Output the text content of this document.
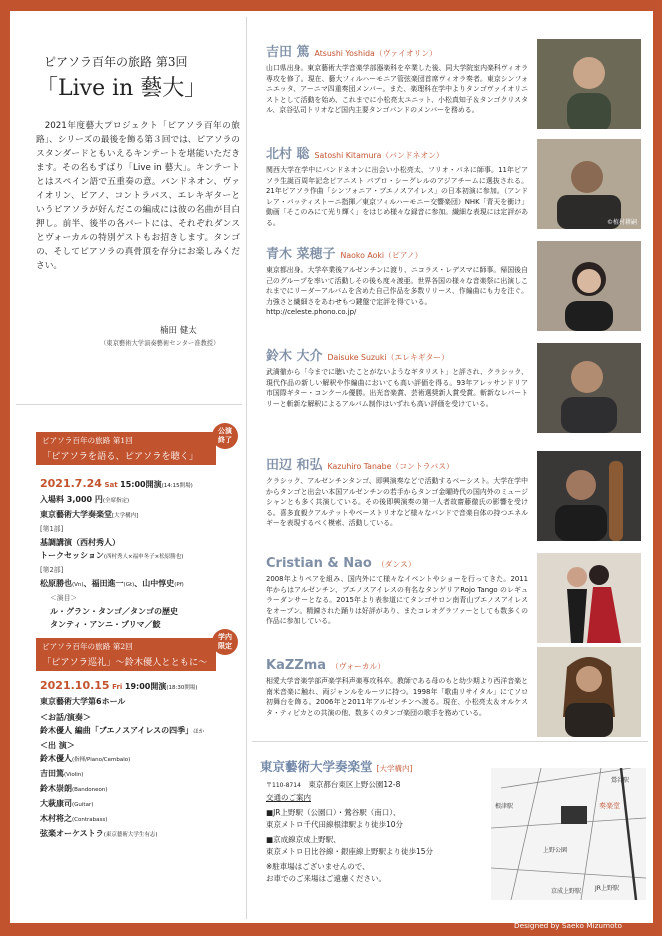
ピアソラ百年の旅路 第3回
「Live in 藝大」
2021年度藝大プロジェクト「ピアソラ百年の旅路」、シリーズの最後を飾る第３回では、ピアソラのスタンダードともいえるキンテートを堪能いただきます。その名もずばり「Live in 藝大」。キンテートとはスペイン語で五重奏の意。バンドネオン、ヴァイオリン、ピアノ、コントラバス、エレキギターというピアソラが好んだこの編成には彼の名曲が目白押し。前半、後半の各パートには、それぞれダンスとヴォーカルの特別ゲストもお招きします。タンゴの、そしてピアソラの真骨頂を存分にお楽しみください。
楠田 健太
（東京藝術大学演奏藝術センター准教授）
ピアソラ百年の旅路 第1回
「ピアソラを語る、ピアソラを聴く」
公演終了
2021.7.24 Sat 15:00開演(14:15開場)
入場料 3,000 円(全席指定)
東京藝術大学奏楽堂[大学構内]
[第1部]
基調講演（西村秀人）
トークセッション(西村秀人×福申冬子×松原勝也)
[第2部]
松原勝也(Vn)、福田進一(Gt)、山中惇史(Pf)
＜演目＞
ル・グラン・タンゴ／タンゴの歴史
タンティ・アンニ・プリマ／鮫
ピアソラ百年の旅路 第2回
「ピアソラ巡礼」～鈴木優人とともに～
学内限定
2021.10.15 Fri 19:00開演(18:30開場)
東京藝術大学第6ホール
＜お話/演奏＞
鈴木優人 編曲「ブエノスアイレスの四季」ほか
＜出 演＞
鈴木優人(指揮/Piano/Cembalo)
吉田篤(Violin)
鈴木崇朗(Bandoneon)
大萩康司(Guitar)
木村将之(Contrabass)
弦楽オーケストラ(東京藝術大学生有志)
吉田 篤 Atsushi Yoshida（ヴァイオリン）
山口県出身。東京藝術大学音楽学部器楽科を卒業した後、同大学院室内楽科ヴィオラ専攻を修了。現在、藝大フィルハーモニア管弦楽団首席ヴィオラ奏者。東京シンフォニエッタ、アーニマ四重奏団メンバー。また、楽理科在学中よりタンゴヴァイオリニストとして活動を始め、これまでに小松亮太ユニット、小松真知子＆タンゴクリスタル、京谷弘司トリオなど国内主要タンゴバンドのメンバーを務める。
北村 聡 Satoshi Kitamura（バンドネオン）
関西大学在学中にバンドネオンに出会い小松亮太、フリオ・パネに師事。11年ピアソラ生誕百周年記念ピアニスト パブロ・シーグレルのアジアチームに選抜される。21年ピアソラ作曲「シンフォニア・ブエノスアイレス」の日本初演に参加。（アンドレア・バッティストーニ指揮／東京フィルハーモニー交響楽団）NHK「青天を衝け」動画「そこのみにて光り輝く」をはじめ様々な録音に参加。繊細な表現には定評がある。	©植村耕嗣
青木 菜穂子 Naoko Aoki（ピアノ）
東京都出身。大学卒業後アルゼンチンに渡り、ニコラス・レデスマに師事。帰国後自己のグループを率いて活動しその後も度々渡亜。世界各国の様々な音楽祭に出演しこれまでにリーダーアルバムを含めた自己作品を多数リリース、作編曲にも力を注ぐ。力強さと繊細さをあわせもつ鍵盤で定評を得ている。
http://celeste.phono.co.jp/
鈴木 大介 Daisuke Suzuki（エレキギター）
武満徹から「今までに聴いたことがないようなギタリスト」と評され、クラシック、現代作品の新しい解釈や作編曲においても高い評価を得る。93年アレッサンドリア市国際ギター・コンクール優勝。出光音楽賞、芸術選奨新人賞受賞。斬新なレパートリーと斬新な解釈によるアルバム制作はいずれも高い評価を受けている。
田辺 和弘 Kazuhiro Tanabe（コントラバス）
クラシック、アルゼンチンタンゴ、即興演奏などで活動するベーシスト。大学在学中からタンゴと出会い本国アルゼンチンの若手からタンゴ金曜時代の国内外のミュージシャンとも多く共演している。その後即興演奏の第一人者故齋藤徹氏の影響を受ける。喜多直毅クアルテットやベーストリオなど様々なバンドで音楽自体の持つエネルギーを表現するべく模索、活動している。
Cristian & Nao （ダンス）
2008年よりペアを組み、国内外にて様々なイベントやショーを行ってきた。2011年からはアルゼンチン、ブエノスアイレスの有名なタンゲリアRojo Tango のレギュラーダンサーとなる。2015年より表参道にてタンゴサロン南青山ブエノスアイレスをオープン。精錬された踊りは好評があり、またコレオグラファーとしても数多くの作品に参加している。
KaZZma （ヴォーカル）
相愛大学音楽学部声楽学科声楽専攻科卒。教師である母のもと幼少期より西洋音楽と南米音楽に触れ、両ジャンルをルーツに持つ。1998年「歌曲リサイタル」にてソロ初舞台を飾る。2006年と2011年アルゼンチンへ渡る。現在、小松亮太＆オルケスタ・ティピカとの共演の他、数多くのタンゴ楽団の歌手を務めている。
東京藝術大学奏楽堂 [大学構内]
〒110-8714　 東京都台東区上野公園12-8
交通のご案内
■JR上野駅（公園口）・鶯谷駅（南口）、
東京メトロ千代田線根津駅より徒歩10分
■京成線京成上野駅、
東京メトロ日比谷線・銀座線上野駅より徒歩15分
※駐車場はございませんので、
お車でのご来場はご遠慮ください。
奏楽堂
JR上野駅
京成上野駅
上野公園
根津駅
鶯谷駅
Designed by Saeko Mizumoto
